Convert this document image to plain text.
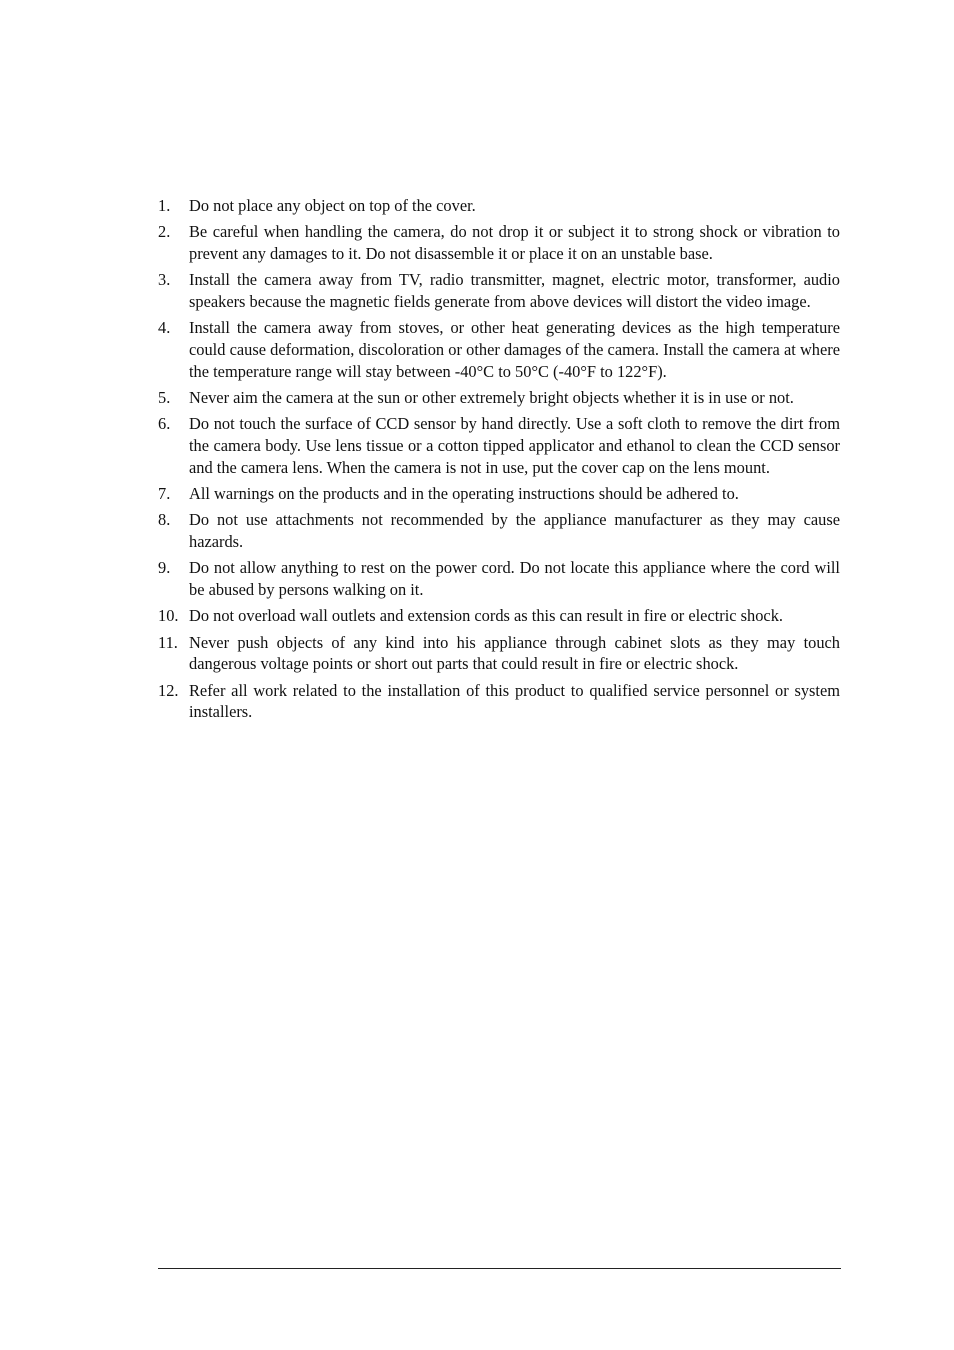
1. Do not place any object on top of the cover.
2. Be careful when handling the camera, do not drop it or subject it to strong shock or vibration to prevent any damages to it. Do not disassemble it or place it on an unstable base.
3. Install the camera away from TV, radio transmitter, magnet, electric motor, transformer, audio speakers because the magnetic fields generate from above devices will distort the video image.
4. Install the camera away from stoves, or other heat generating devices as the high temperature could cause deformation, discoloration or other damages of the camera. Install the camera at where the temperature range will stay between -40°C to 50°C (-40°F to 122°F).
5. Never aim the camera at the sun or other extremely bright objects whether it is in use or not.
6. Do not touch the surface of CCD sensor by hand directly. Use a soft cloth to remove the dirt from the camera body. Use lens tissue or a cotton tipped applicator and ethanol to clean the CCD sensor and the camera lens. When the camera is not in use, put the cover cap on the lens mount.
7. All warnings on the products and in the operating instructions should be adhered to.
8. Do not use attachments not recommended by the appliance manufacturer as they may cause hazards.
9. Do not allow anything to rest on the power cord. Do not locate this appliance where the cord will be abused by persons walking on it.
10. Do not overload wall outlets and extension cords as this can result in fire or electric shock.
11. Never push objects of any kind into his appliance through cabinet slots as they may touch dangerous voltage points or short out parts that could result in fire or electric shock.
12. Refer all work related to the installation of this product to qualified service personnel or system installers.
